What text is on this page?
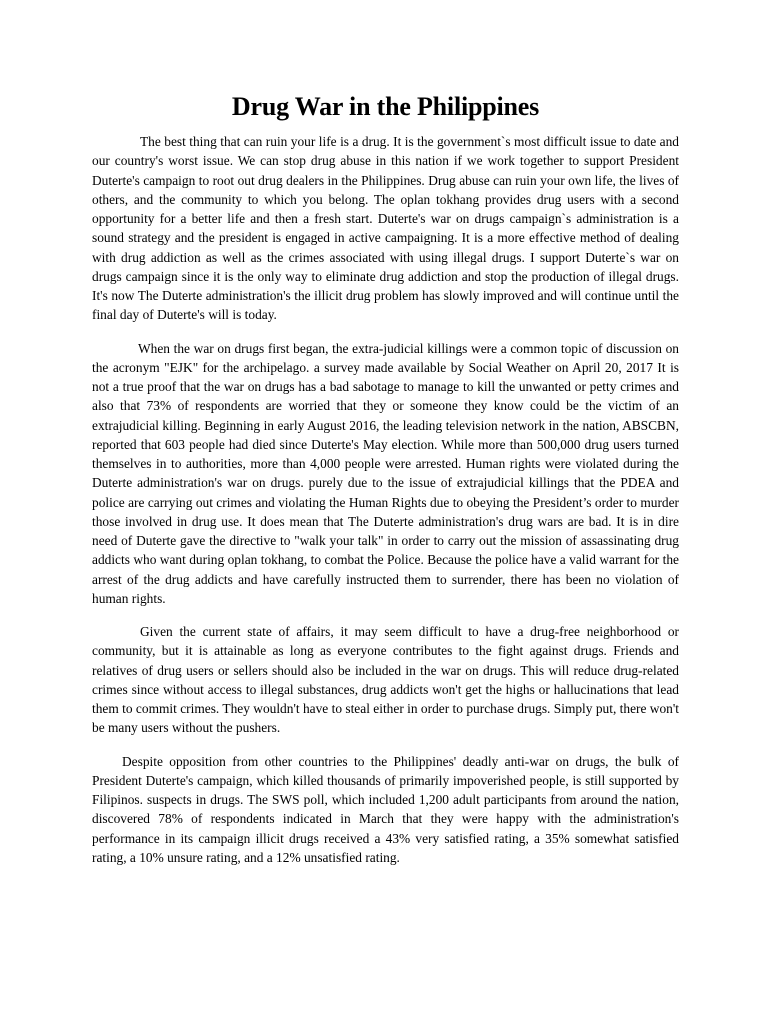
Drug War in the Philippines

The best thing that can ruin your life is a drug. It is the government`s most difficult issue to date and our country's worst issue. We can stop drug abuse in this nation if we work together to support President Duterte's campaign to root out drug dealers in the Philippines. Drug abuse can ruin your own life, the lives of others, and the community to which you belong. The oplan tokhang provides drug users with a second opportunity for a better life and then a fresh start. Duterte's war on drugs campaign`s administration is a sound strategy and the president is engaged in active campaigning. It is a more effective method of dealing with drug addiction as well as the crimes associated with using illegal drugs. I support Duterte`s war on drugs campaign since it is the only way to eliminate drug addiction and stop the production of illegal drugs. It's now The Duterte administration's the illicit drug problem has slowly improved and will continue until the final day of Duterte's will is today.

When the war on drugs first began, the extra-judicial killings were a common topic of discussion on the acronym "EJK" for the archipelago. a survey made available by Social Weather on April 20, 2017 It is not a true proof that the war on drugs has a bad sabotage to manage to kill the unwanted or petty crimes and also that 73% of respondents are worried that they or someone they know could be the victim of an extrajudicial killing. Beginning in early August 2016, the leading television network in the nation, ABSCBN, reported that 603 people had died since Duterte's May election. While more than 500,000 drug users turned themselves in to authorities, more than 4,000 people were arrested. Human rights were violated during the Duterte administration's war on drugs. purely due to the issue of extrajudicial killings that the PDEA and police are carrying out crimes and violating the Human Rights due to obeying the President’s order to murder those involved in drug use. It does mean that The Duterte administration's drug wars are bad. It is in dire need of Duterte gave the directive to "walk your talk" in order to carry out the mission of assassinating drug addicts who want during oplan tokhang, to combat the Police. Because the police have a valid warrant for the arrest of the drug addicts and have carefully instructed them to surrender, there has been no violation of human rights.

Given the current state of affairs, it may seem difficult to have a drug-free neighborhood or community, but it is attainable as long as everyone contributes to the fight against drugs. Friends and relatives of drug users or sellers should also be included in the war on drugs. This will reduce drug-related crimes since without access to illegal substances, drug addicts won't get the highs or hallucinations that lead them to commit crimes. They wouldn't have to steal either in order to purchase drugs. Simply put, there won't be many users without the pushers.

Despite opposition from other countries to the Philippines' deadly anti-war on drugs, the bulk of President Duterte's campaign, which killed thousands of primarily impoverished people, is still supported by Filipinos. suspects in drugs. The SWS poll, which included 1,200 adult participants from around the nation, discovered 78% of respondents indicated in March that they were happy with the administration's performance in its campaign illicit drugs received a 43% very satisfied rating, a 35% somewhat satisfied rating, a 10% unsure rating, and a 12% unsatisfied rating.
